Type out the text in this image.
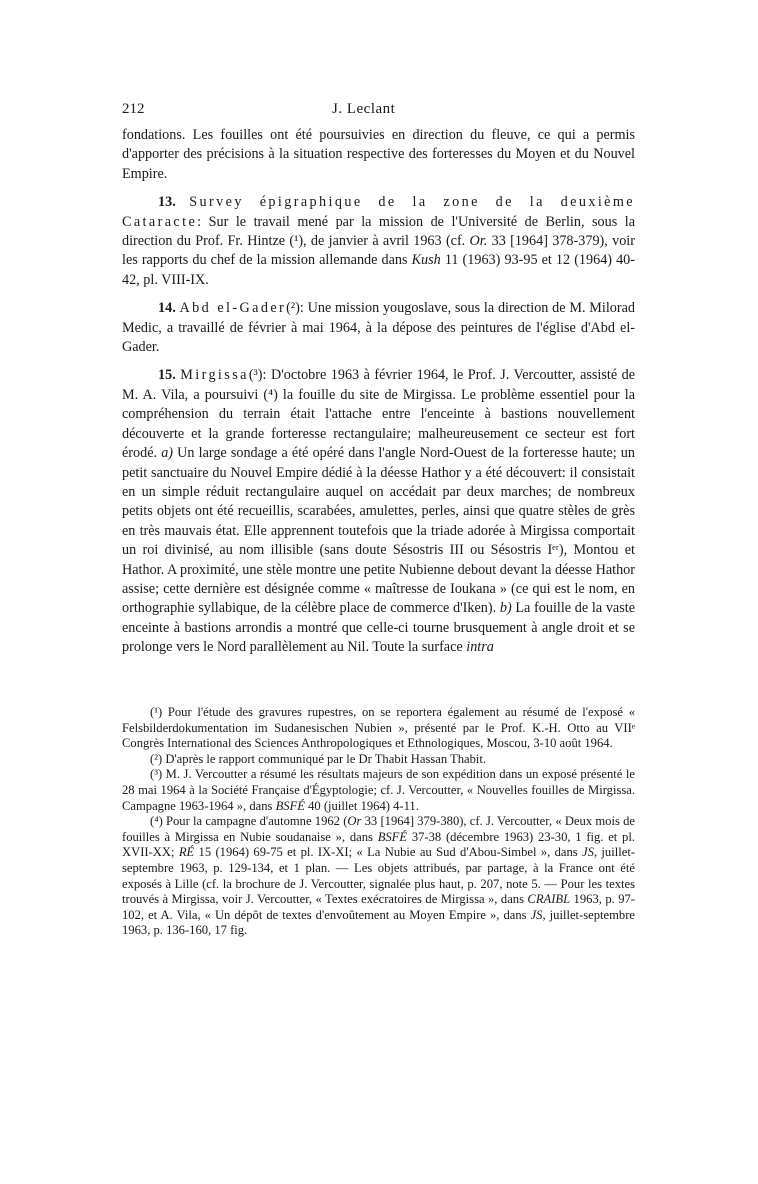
212	J. Leclant

fondations. Les fouilles ont été poursuivies en direction du fleuve, ce qui a permis d'apporter des précisions à la situation respective des forteresses du Moyen et du Nouvel Empire.

13. Survey épigraphique de la zone de la deuxième Cataracte: Sur le travail mené par la mission de l'Université de Berlin, sous la direction du Prof. Fr. Hintze (¹), de janvier à avril 1963 (cf. Or. 33 [1964] 378-379), voir les rapports du chef de la mission allemande dans Kush 11 (1963) 93-95 et 12 (1964) 40-42, pl. VIII-IX.

14. Abd el-Gader(²): Une mission yougoslave, sous la direction de M. Milorad Medic, a travaillé de février à mai 1964, à la dépose des peintures de l'église d'Abd el-Gader.

15. Mirgissa(³): D'octobre 1963 à février 1964, le Prof. J. Vercoutter, assisté de M. A. Vila, a poursuivi (⁴) la fouille du site de Mirgissa. Le problème essentiel pour la compréhension du terrain était l'attache entre l'enceinte à bastions nouvellement découverte et la grande forteresse rectangulaire; malheureusement ce secteur est fort érodé. a) Un large sondage a été opéré dans l'angle Nord-Ouest de la forteresse haute; un petit sanctuaire du Nouvel Empire dédié à la déesse Hathor y a été découvert: il consistait en un simple réduit rectangulaire auquel on accédait par deux marches; de nombreux petits objets ont été recueillis, scarabées, amulettes, perles, ainsi que quatre stèles de grès en très mauvais état. Elle apprennent toutefois que la triade adorée à Mirgissa comportait un roi divinisé, au nom illisible (sans doute Sésostris III ou Sésostris Iᵉʳ), Montou et Hathor. A proximité, une stèle montre une petite Nubienne debout devant la déesse Hathor assise; cette dernière est désignée comme « maîtresse de Ioukana » (ce qui est le nom, en orthographie syllabique, de la célèbre place de commerce d'Iken). b) La fouille de la vaste enceinte à bastions arrondis a montré que celle-ci tourne brusquement à angle droit et se prolonge vers le Nord parallèlement au Nil. Toute la surface intra

(¹) Pour l'étude des gravures rupestres, on se reportera également au résumé de l'exposé « Felsbilderdokumentation im Sudanesischen Nubien », présenté par le Prof. K.-H. Otto au VIIᵉ Congrès International des Sciences Anthropologiques et Ethnologiques, Moscou, 3-10 août 1964.

(²) D'après le rapport communiqué par le Dr Thabit Hassan Thabit.

(³) M. J. Vercoutter a résumé les résultats majeurs de son expédition dans un exposé présenté le 28 mai 1964 à la Société Française d'Égyptologie; cf. J. Vercoutter, « Nouvelles fouilles de Mirgissa. Campagne 1963-1964 », dans BSFÉ 40 (juillet 1964) 4-11.

(⁴) Pour la campagne d'automne 1962 (Or 33 [1964] 379-380), cf. J. Vercoutter, « Deux mois de fouilles à Mirgissa en Nubie soudanaise », dans BSFÉ 37-38 (décembre 1963) 23-30, 1 fig. et pl. XVII-XX; RÉ 15 (1964) 69-75 et pl. IX-XI; « La Nubie au Sud d'Abou-Simbel », dans JS, juillet-septembre 1963, p. 129-134, et 1 plan. — Les objets attribués, par partage, à la France ont été exposés à Lille (cf. la brochure de J. Vercoutter, signalée plus haut, p. 207, note 5. — Pour les textes trouvés à Mirgissa, voir J. Vercoutter, « Textes exécratoires de Mirgissa », dans CRAIBL 1963, p. 97-102, et A. Vila, « Un dépôt de textes d'envoûtement au Moyen Empire », dans JS, juillet-septembre 1963, p. 136-160, 17 fig.
